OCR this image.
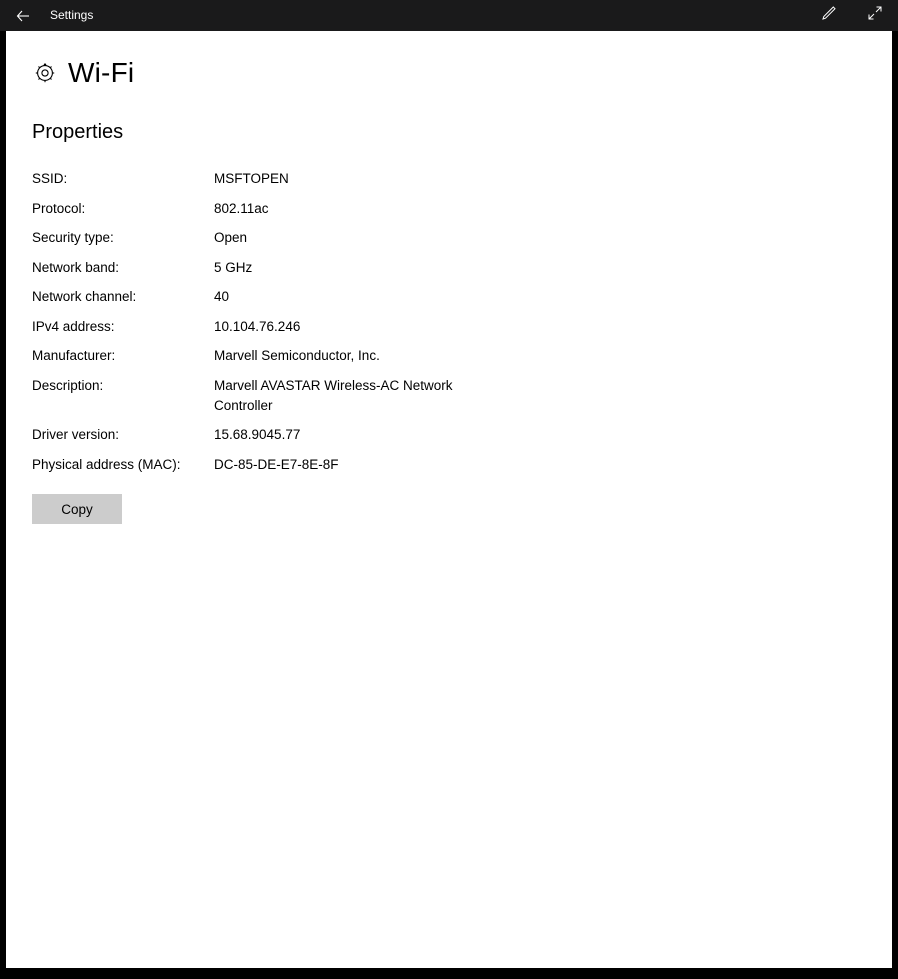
Settings
Wi-Fi
Properties
SSID:	MSFTOPEN
Protocol:	802.11ac
Security type:	Open
Network band:	5 GHz
Network channel:	40
IPv4 address:	10.104.76.246
Manufacturer:	Marvell Semiconductor, Inc.
Description:	Marvell AVASTAR Wireless-AC Network Controller
Driver version:	15.68.9045.77
Physical address (MAC):	DC-85-DE-E7-8E-8F
Copy
